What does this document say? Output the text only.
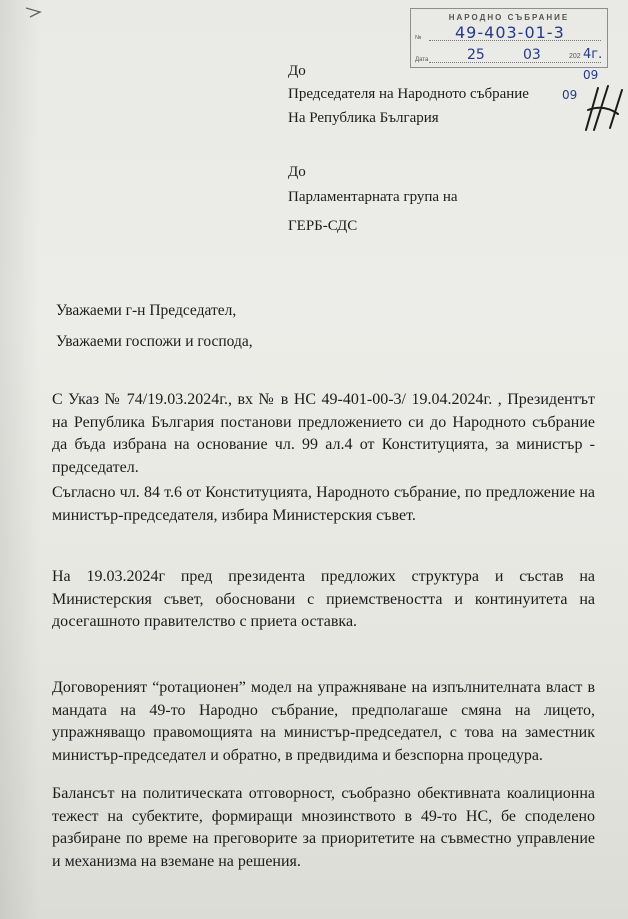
НАРОДНО СЪБРАНИЕ
№
Дата
49-403-01-3
25	03	202 4г.
09
09
До
Председателя на Народното събрание
На Република България
До
Парламентарната група на
ГЕРБ-СДС
Уважаеми г-н Председател,
Уважаеми госпожи и господа,

С Указ № 74/19.03.2024г., вх № в НС 49-401-00-3/ 19.04.2024г. , Президентът на Република България постанови предложението си до Народното събрание да бъда избрана на основание чл. 99 ал.4 от Конституцията, за министър - председател.

Съгласно чл. 84 т.6 от Конституцията, Народното събрание, по предложение на министър-председателя, избира Министерския съвет.

На 19.03.2024г пред президента предложих структура и състав на Министерския съвет, обосновани с приемствеността и континуитета на досегашното правителство с приета оставка.

Договореният “ротационен” модел на упражняване на изпълнителната власт в мандата на 49-то Народно събрание, предполагаше смяна на лицето, упражняващо правомощията на министър-председател, с това на заместник министър-председател и обратно, в предвидима и безспорна процедура.

Балансът на политическата отговорност, съобразно обективната коалиционна тежест на субектите, формиращи мнозинството в 49-то НС, бе споделено разбиране по време на преговорите за приоритетите на съвместно управление и механизма на вземане на решения.
